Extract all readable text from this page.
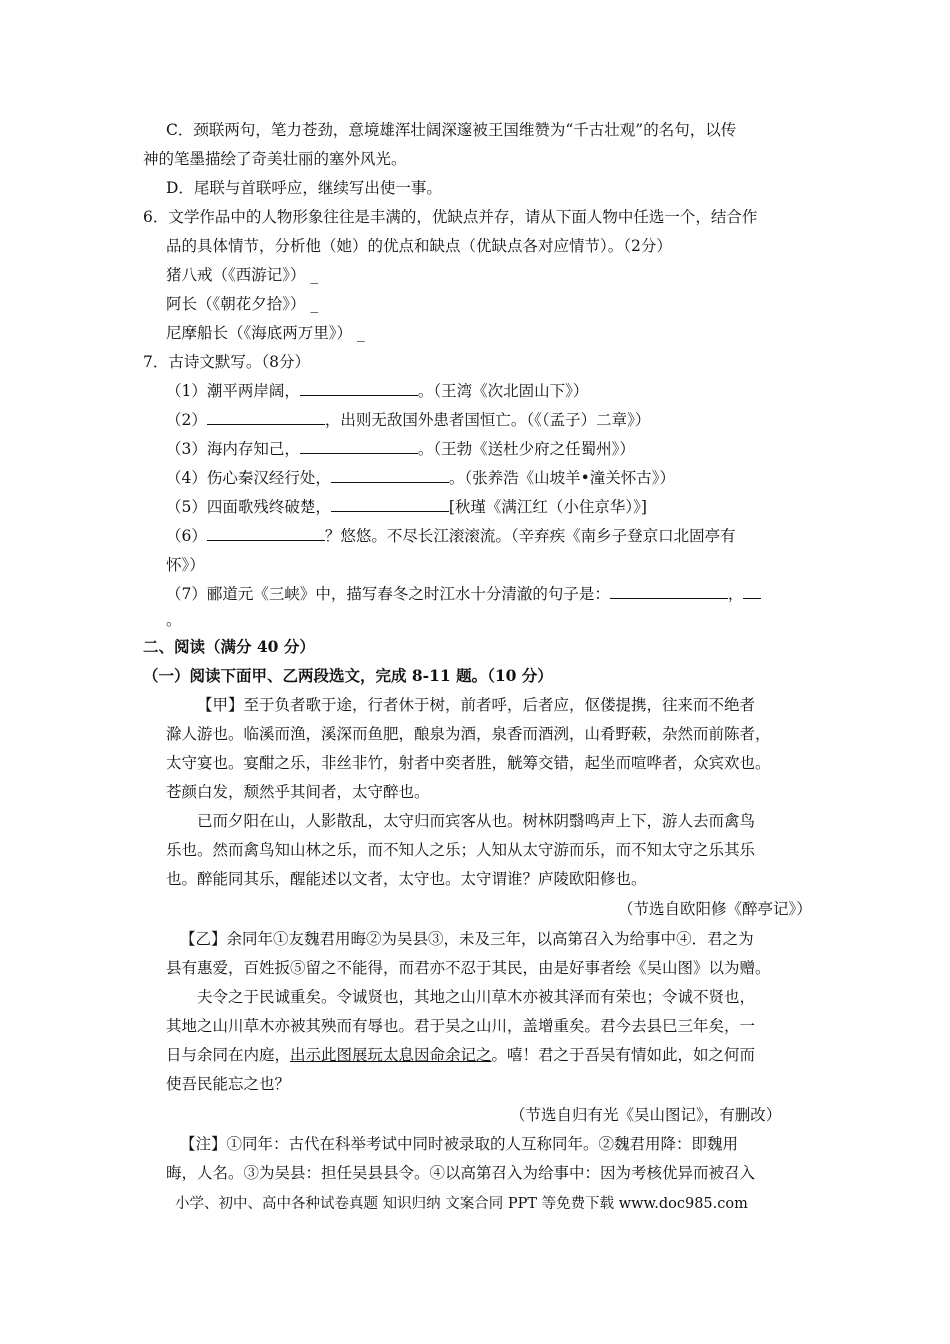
C．颈联两句，笔力苍劲，意境雄浑壮阔深邃被王国维赞为“千古壮观”的名句，以传
神的笔墨描绘了奇美壮丽的塞外风光。
D．尾联与首联呼应，继续写出使一事。
6．文学作品中的人物形象往往是丰满的，优缺点并存，请从下面人物中任选一个，结合作
品的具体情节，分析他（她）的优点和缺点（优缺点各对应情节）。（2分）
猪八戒（《西游记》） _
阿长（《朝花夕拾》） _
尼摩船长（《海底两万里》） _
7．古诗文默写。（8分）
（1）潮平两岸阔，	。（王湾《次北固山下》）
（2）	，出则无敌国外患者国恒亡。（《（孟子）二章》）
（3）海内存知己，	。（王勃《送杜少府之任蜀州》）
（4）伤心秦汉经行处，	。（张养浩《山坡羊•潼关怀古》）
（5）四面歌残终破楚，	[秋瑾《满江红（小住京华）》]
（6）	？悠悠。不尽长江滚滚流。（辛弃疾《南乡子登京口北固亭有
怀》）
（7）郦道元《三峡》中，描写春冬之时江水十分清澈的句子是：	，
。
二、阅读（满分 40 分）
（一）阅读下面甲、乙两段选文，完成 8-11 题。（10 分）
【甲】至于负者歌于途，行者休于树，前者呼，后者应，伛偻提携，往来而不绝者
滁人游也。临溪而渔，溪深而鱼肥，酿泉为酒，泉香而酒洌，山肴野蔌，杂然而前陈者，
太守宴也。宴酣之乐，非丝非竹，射者中奕者胜，觥筹交错，起坐而喧哗者，众宾欢也。
苍颜白发，颓然乎其间者，太守醉也。
已而夕阳在山，人影散乱，太守归而宾客从也。树林阴翳鸣声上下，游人去而禽鸟
乐也。然而禽鸟知山林之乐，而不知人之乐；人知从太守游而乐，而不知太守之乐其乐
也。醉能同其乐，醒能述以文者，太守也。太守谓谁？庐陵欧阳修也。
（节选自欧阳修《醉亭记》）
【乙】余同年①友魏君用晦②为吴县③，未及三年，以高第召入为给事中④．君之为
县有惠爱，百姓扳⑤留之不能得，而君亦不忍于其民，由是好事者绘《吴山图》以为赠。
夫令之于民诚重矣。令诚贤也，其地之山川草木亦被其泽而有荣也；令诚不贤也，
其地之山川草木亦被其殃而有辱也。君于吴之山川，盖增重矣。君今去县巳三年矣，一
日与余同在内庭，出示此图展玩太息因命余记之。嘻！君之于吾吴有情如此，如之何而
使吾民能忘之也？
（节选自归有光《吴山图记》，有删改）
【注】①同年：古代在科举考试中同时被录取的人互称同年。②魏君用降：即魏用
晦，人名。③为吴县：担任吴县县令。④以高第召入为给事中：因为考核优异而被召入
小学、初中、高中各种试卷真题 知识归纳 文案合同 PPT 等免费下载 www.doc985.com
